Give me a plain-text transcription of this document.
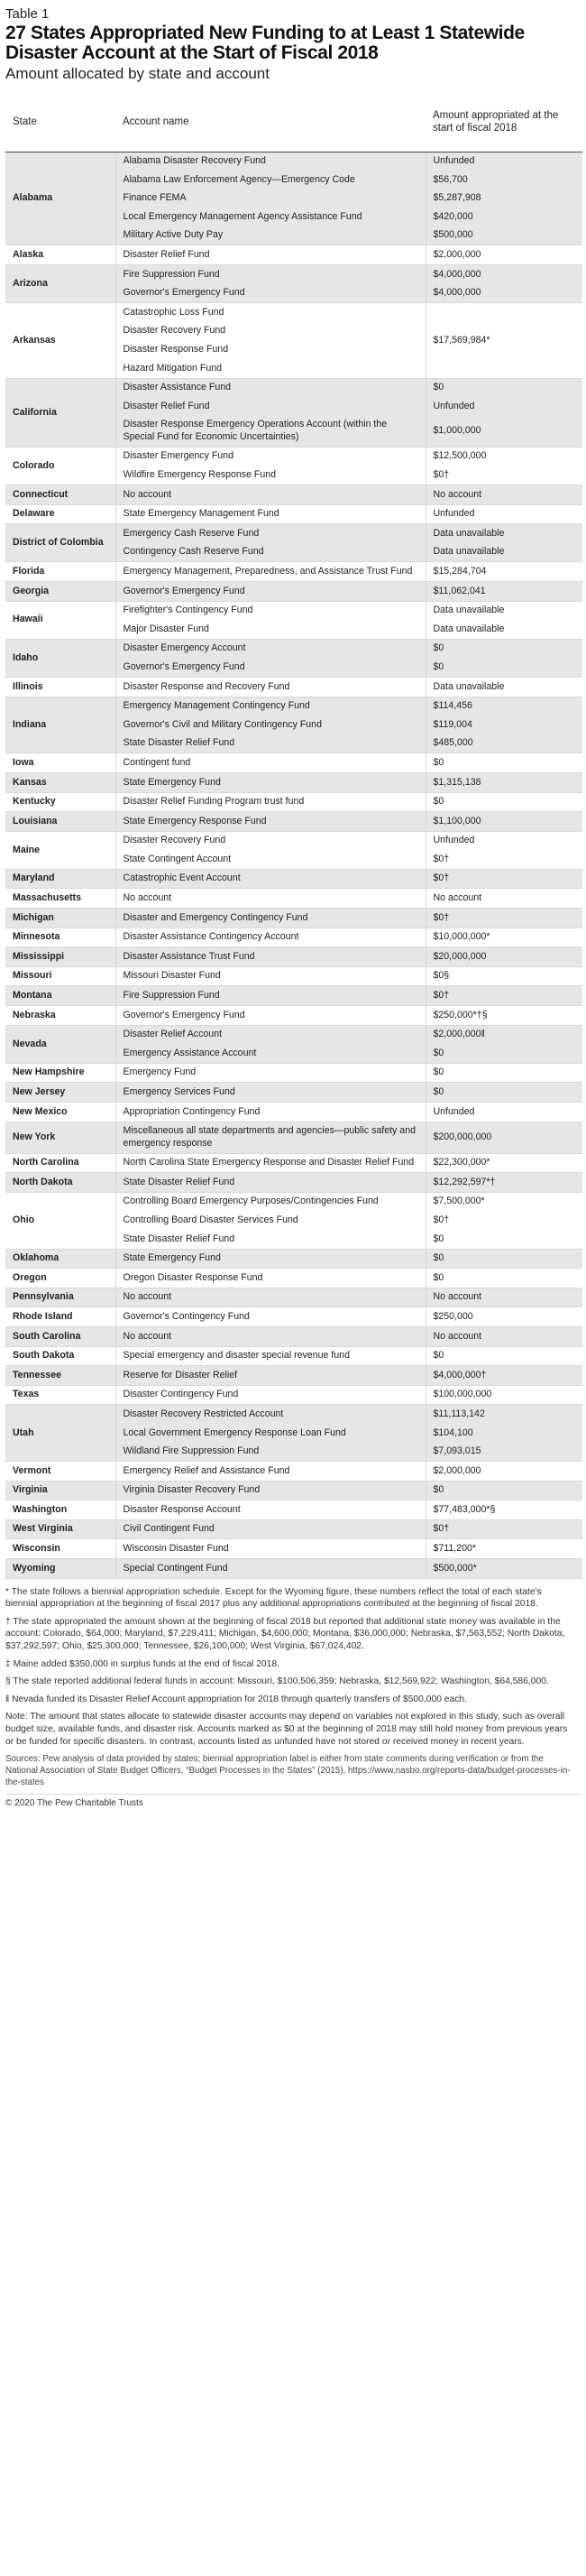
Table 1
27 States Appropriated New Funding to at Least 1 Statewide Disaster Account at the Start of Fiscal 2018
Amount allocated by state and account
State	Account name	Amount appropriated at the start of fiscal 2018
Alabama	Alabama Disaster Recovery Fund	Unfunded
	Alabama Law Enforcement Agency—Emergency Code	$56,700
	Finance FEMA	$5,287,908
	Local Emergency Management Agency Assistance Fund	$420,000
	Military Active Duty Pay	$500,000
Alaska	Disaster Relief Fund	$2,000,000
Arizona	Fire Suppression Fund	$4,000,000
	Governor's Emergency Fund	$4,000,000
Arkansas	Catastrophic Loss Fund	$17,569,984*
	Disaster Recovery Fund	
	Disaster Response Fund	
	Hazard Mitigation Fund	
California	Disaster Assistance Fund	$0
	Disaster Relief Fund	Unfunded
	Disaster Response Emergency Operations Account (within the Special Fund for Economic Uncertainties)	$1,000,000
Colorado	Disaster Emergency Fund	$12,500,000
	Wildfire Emergency Response Fund	$0†
Connecticut	No account	No account
Delaware	State Emergency Management Fund	Unfunded
District of Colombia	Emergency Cash Reserve Fund	Data unavailable
	Contingency Cash Reserve Fund	Data unavailable
Florida	Emergency Management, Preparedness, and Assistance Trust Fund	$15,284,704
Georgia	Governor's Emergency Fund	$11,062,041
Hawaii	Firefighter's Contingency Fund	Data unavailable
	Major Disaster Fund	Data unavailable
Idaho	Disaster Emergency Account	$0
	Governor's Emergency Fund	$0
Illinois	Disaster Response and Recovery Fund	Data unavailable
Indiana	Emergency Management Contingency Fund	$114,456
	Governor's Civil and Military Contingency Fund	$119,004
	State Disaster Relief Fund	$485,000
Iowa	Contingent fund	$0
Kansas	State Emergency Fund	$1,315,138
Kentucky	Disaster Relief Funding Program trust fund	$0
Louisiana	State Emergency Response Fund	$1,100,000
Maine	Disaster Recovery Fund	Unfunded
	State Contingent Account	$0†
Maryland	Catastrophic Event Account	$0†
Massachusetts	No account	No account
Michigan	Disaster and Emergency Contingency Fund	$0†
Minnesota	Disaster Assistance Contingency Account	$10,000,000*
Mississippi	Disaster Assistance Trust Fund	$20,000,000
Missouri	Missouri Disaster Fund	$0§
Montana	Fire Suppression Fund	$0†
Nebraska	Governor's Emergency Fund	$250,000*†§
Nevada	Disaster Relief Account	$2,000,000‖
	Emergency Assistance Account	$0
New Hampshire	Emergency Fund	$0
New Jersey	Emergency Services Fund	$0
New Mexico	Appropriation Contingency Fund	Unfunded
New York	Miscellaneous all state departments and agencies—public safety and emergency response	$200,000,000
North Carolina	North Carolina State Emergency Response and Disaster Relief Fund	$22,300,000*
North Dakota	State Disaster Relief Fund	$12,292,597*†
Ohio	Controlling Board Emergency Purposes/Contingencies Fund	$7,500,000*
	Controlling Board Disaster Services Fund	$0†
	State Disaster Relief Fund	$0
Oklahoma	State Emergency Fund	$0
Oregon	Oregon Disaster Response Fund	$0
Pennsylvania	No account	No account
Rhode Island	Governor's Contingency Fund	$250,000
South Carolina	No account	No account
South Dakota	Special emergency and disaster special revenue fund	$0
Tennessee	Reserve for Disaster Relief	$4,000,000†
Texas	Disaster Contingency Fund	$100,000,000
Utah	Disaster Recovery Restricted Account	$11,113,142
	Local Government Emergency Response Loan Fund	$104,100
	Wildland Fire Suppression Fund	$7,093,015
Vermont	Emergency Relief and Assistance Fund	$2,000,000
Virginia	Virginia Disaster Recovery Fund	$0
Washington	Disaster Response Account	$77,483,000*§
West Virginia	Civil Contingent Fund	$0†
Wisconsin	Wisconsin Disaster Fund	$711,200*
Wyoming	Special Contingent Fund	$500,000*

* The state follows a biennial appropriation schedule. Except for the Wyoming figure, these numbers reflect the total of each state's biennial appropriation at the beginning of fiscal 2017 plus any additional appropriations contributed at the beginning of fiscal 2018.

† The state appropriated the amount shown at the beginning of fiscal 2018 but reported that additional state money was available in the account: Colorado, $64,000; Maryland, $7,229,411; Michigan, $4,600,000; Montana, $36,000,000; Nebraska, $7,563,552; North Dakota, $37,292,597; Ohio, $25,300,000; Tennessee, $26,100,000; West Virginia, $67,024,402.

‡ Maine added $350,000 in surplus funds at the end of fiscal 2018.

§ The state reported additional federal funds in account: Missouri, $100,506,359; Nebraska, $12,569,922; Washington, $64,586,000.

‖ Nevada funded its Disaster Relief Account appropriation for 2018 through quarterly transfers of $500,000 each.

Note: The amount that states allocate to statewide disaster accounts may depend on variables not explored in this study, such as overall budget size, available funds, and disaster risk. Accounts marked as $0 at the beginning of 2018 may still hold money from previous years or be funded for specific disasters. In contrast, accounts listed as unfunded have not stored or received money in recent years.

Sources: Pew analysis of data provided by states; biennial appropriation label is either from state comments during verification or from the National Association of State Budget Officers, “Budget Processes in the States” (2015), https://www.nasbo.org/reports-data/budget-processes-in-the-states

© 2020 The Pew Charitable Trusts
